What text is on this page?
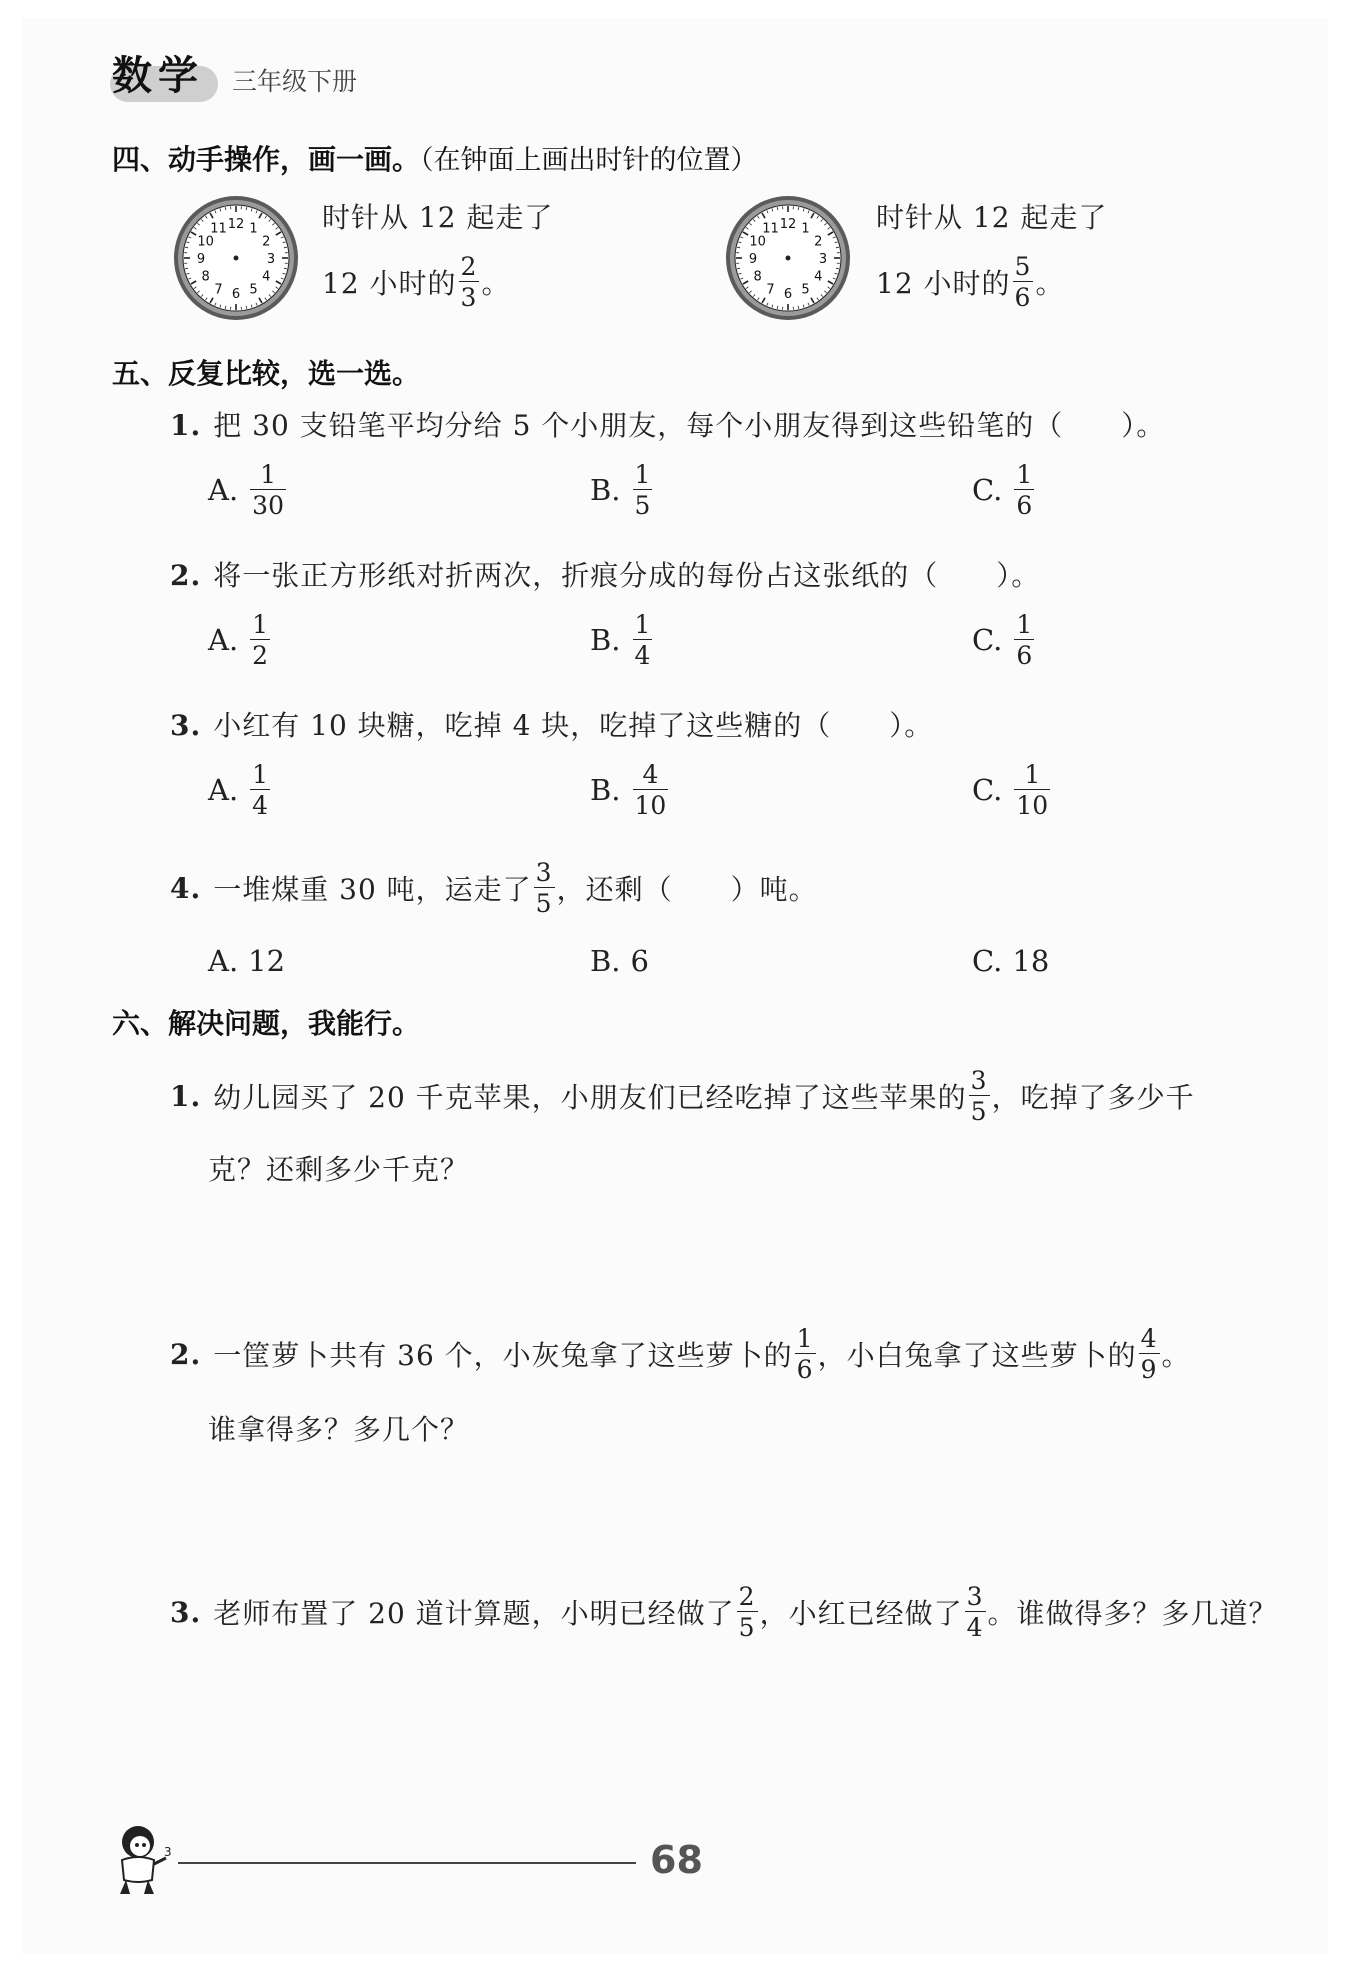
数学 三年级下册
四、动手操作，画一画。（在钟面上画出时针的位置）
12 1
2
3
4
5
6
7
8
9
10
11	时针从 12 起走了
12 小时的 $\frac{2}{3}$ 。
12 1
2
3
4
5
6
7
8
9
10
11	时针从 12 起走了
12 小时的 $\frac{5}{6}$ 。
五、反复比较，选一选。
1. 把 30 支铅笔平均分给 5 个小朋友，每个小朋友得到这些铅笔的（　　）。
A. $\frac{1}{30}$	B. $\frac{1}{5}$	C. $\frac{1}{6}$
2. 将一张正方形纸对折两次，折痕分成的每份占这张纸的（　　）。
A. $\frac{1}{2}$	B. $\frac{1}{4}$	C. $\frac{1}{6}$
3. 小红有 10 块糖，吃掉 4 块，吃掉了这些糖的（　　）。
A. $\frac{1}{4}$	B. $\frac{4}{10}$	C. $\frac{1}{10}$
4. 一堆煤重 30 吨，运走了 $\frac{3}{5}$ ，还剩（　　）吨。
A. 12	B. 6	C. 18
六、解决问题，我能行。
1. 幼儿园买了 20 千克苹果，小朋友们已经吃掉了这些苹果的 $\frac{3}{5}$ ，吃掉了多少千
克？还剩多少千克？
2. 一筐萝卜共有 36 个，小灰兔拿了这些萝卜的 $\frac{1}{6}$ ，小白兔拿了这些萝卜的 $\frac{4}{9}$ 。
谁拿得多？多几个？
3. 老师布置了 20 道计算题，小明已经做了 $\frac{2}{5}$ ，小红已经做了 $\frac{3}{4}$ 。谁做得多？多几道？
3	68
